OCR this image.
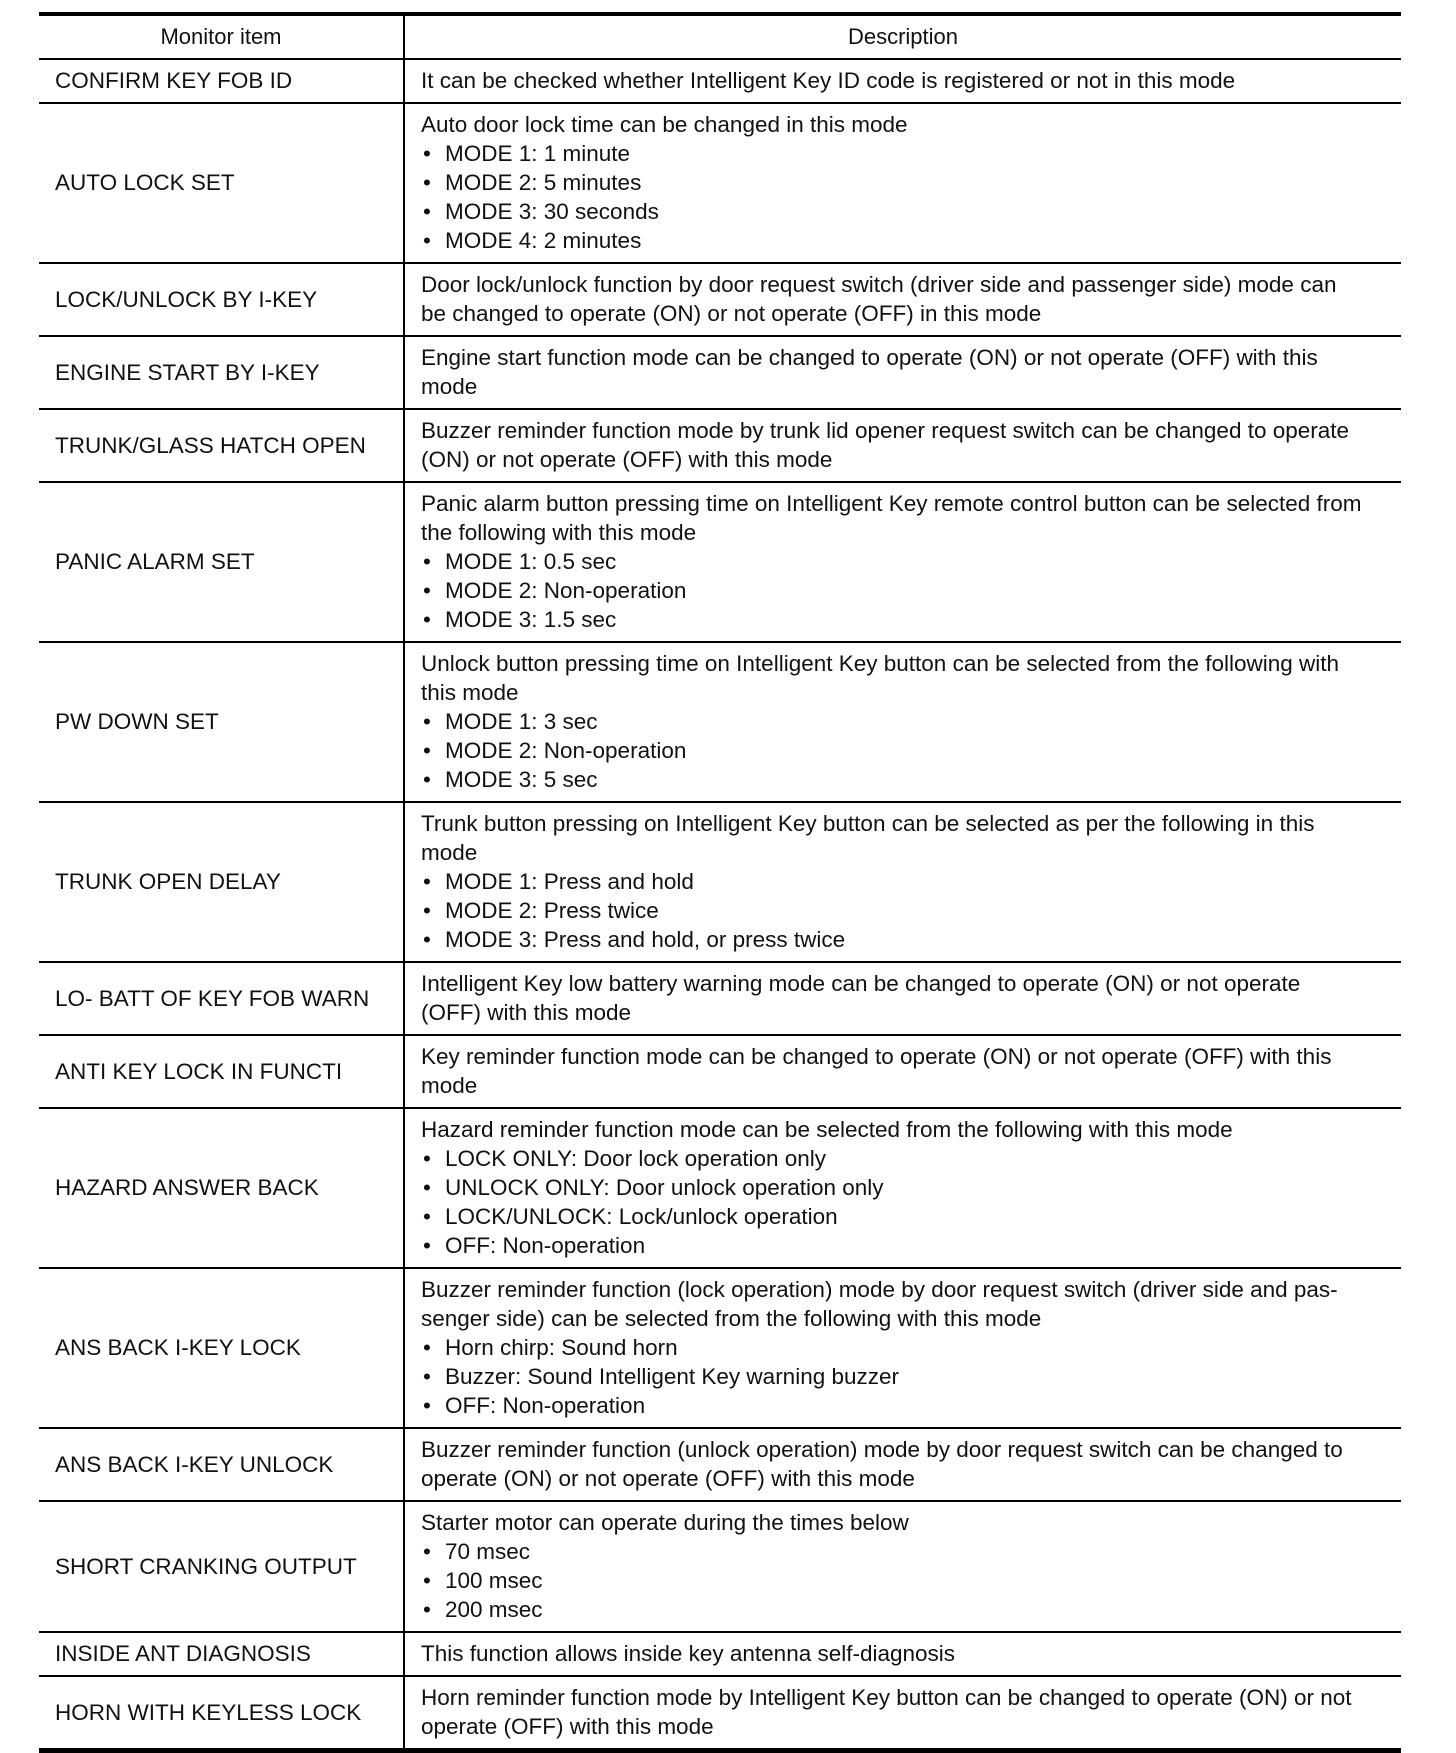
Monitor item	Description
CONFIRM KEY FOB ID	It can be checked whether Intelligent Key ID code is registered or not in this mode

AUTO LOCK SET	Auto door lock time can be changed in this mode
• MODE 1: 1 minute
• MODE 2: 5 minutes
• MODE 3: 30 seconds
• MODE 4: 2 minutes

LOCK/UNLOCK BY I-KEY	Door lock/unlock function by door request switch (driver side and passenger side) mode can
be changed to operate (ON) or not operate (OFF) in this mode

ENGINE START BY I-KEY	Engine start function mode can be changed to operate (ON) or not operate (OFF) with this
mode

TRUNK/GLASS HATCH OPEN	Buzzer reminder function mode by trunk lid opener request switch can be changed to operate
(ON) or not operate (OFF) with this mode

PANIC ALARM SET	Panic alarm button pressing time on Intelligent Key remote control button can be selected from
the following with this mode
• MODE 1: 0.5 sec
• MODE 2: Non-operation
• MODE 3: 1.5 sec

PW DOWN SET	Unlock button pressing time on Intelligent Key button can be selected from the following with
this mode
• MODE 1: 3 sec
• MODE 2: Non-operation
• MODE 3: 5 sec

TRUNK OPEN DELAY	Trunk button pressing on Intelligent Key button can be selected as per the following in this
mode
• MODE 1: Press and hold
• MODE 2: Press twice
• MODE 3: Press and hold, or press twice

LO- BATT OF KEY FOB WARN	Intelligent Key low battery warning mode can be changed to operate (ON) or not operate
(OFF) with this mode

ANTI KEY LOCK IN FUNCTI	Key reminder function mode can be changed to operate (ON) or not operate (OFF) with this
mode

HAZARD ANSWER BACK	Hazard reminder function mode can be selected from the following with this mode
• LOCK ONLY: Door lock operation only
• UNLOCK ONLY: Door unlock operation only
• LOCK/UNLOCK: Lock/unlock operation
• OFF: Non-operation

ANS BACK I-KEY LOCK	Buzzer reminder function (lock operation) mode by door request switch (driver side and pas-
senger side) can be selected from the following with this mode
• Horn chirp: Sound horn
• Buzzer: Sound Intelligent Key warning buzzer
• OFF: Non-operation

ANS BACK I-KEY UNLOCK	Buzzer reminder function (unlock operation) mode by door request switch can be changed to
operate (ON) or not operate (OFF) with this mode

SHORT CRANKING OUTPUT	Starter motor can operate during the times below
• 70 msec
• 100 msec
• 200 msec

INSIDE ANT DIAGNOSIS	This function allows inside key antenna self-diagnosis

HORN WITH KEYLESS LOCK	Horn reminder function mode by Intelligent Key button can be changed to operate (ON) or not
operate (OFF) with this mode
